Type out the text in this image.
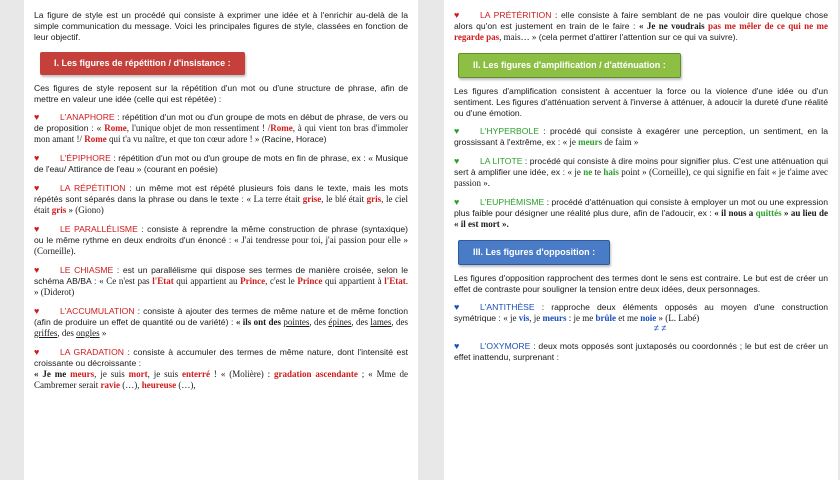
La figure de style est un procédé qui consiste à exprimer une idée et à l'enrichir au-delà de la simple communication du message. Voici les principales figures de style, classées en fonction de leur objectif.

I. Les figures de répétition / d'insistance :

Ces figures de style reposent sur la répétition d'un mot ou d'une structure de phrase, afin de mettre en valeur une idée (celle qui est répétée) :

♥ L'ANAPHORE : répétition d'un mot ou d'un groupe de mots en début de phrase, de vers ou de proposition : « Rome, l'unique objet de mon ressentiment ! /Rome, à qui vient ton bras d'immoler mon amant !/ Rome qui t'a vu naître, et que ton cœur adore ! » (Racine, Horace)
♥ L'ÉPIPHORE : répétition d'un mot ou d'un groupe de mots en fin de phrase, ex : « Musique de l'eau/ Attirance de l'eau » (courant en poésie)
♥ LA RÉPÉTITION : un même mot est répété plusieurs fois dans le texte, mais les mots répétés sont séparés dans la phrase ou dans le texte : « La terre était grise, le blé était gris, le ciel était gris » (Giono)
♥ LE PARALLÉLISME : consiste à reprendre la même construction de phrase (syntaxique) ou le même rythme en deux endroits d'un énoncé : « J'ai tendresse pour toi, j'ai passion pour elle » (Corneille).
♥ LE CHIASME : est un parallélisme qui dispose ses termes de manière croisée, selon le schéma AB/BA : « Ce n'est pas l'Etat qui appartient au Prince, c'est le Prince qui appartient à l'Etat. » (Diderot)
♥ L'ACCUMULATION : consiste à ajouter des termes de même nature et de même fonction (afin de produire un effet de quantité ou de variété) : « ils ont des pointes, des épines, des lames, des griffes, des ongles »
♥ LA GRADATION : consiste à accumuler des termes de même nature, dont l'intensité est croissante ou décroissante :
« Je me meurs, je suis mort, je suis enterré ! « (Molière) : gradation ascendante ; « Mme de Cambremer serait ravie (…), heureuse (…),
♥ LA PRÉTÉRITION : elle consiste à faire semblant de ne pas vouloir dire quelque chose alors qu'on est justement en train de le faire : « Je ne voudrais pas me mêler de ce qui ne me regarde pas, mais… » (cela permet d'attirer l'attention sur ce qui va suivre).
II. Les figures d'amplification / d'atténuation :

Les figures d'amplification consistent à accentuer la force ou la violence d'une idée ou d'un sentiment. Les figures d'atténuation servent à l'inverse à atténuer, à adoucir la dureté d'une réalité ou d'une émotion.

♥ L'HYPERBOLE : procédé qui consiste à exagérer une perception, un sentiment, en la grossissant à l'extrême, ex : « je meurs de faim »
♥ LA LITOTE : procédé qui consiste à dire moins pour signifier plus. C'est une atténuation qui sert à amplifier une idée, ex : « je ne te hais point » (Corneille), ce qui signifie en fait « je t'aime avec passion ».
♥ L'EUPHÉMISME : procédé d'atténuation qui consiste à employer un mot ou une expression plus faible pour désigner une réalité plus dure, afin de l'adoucir, ex : « il nous a quittés » au lieu de « il est mort ».
III. Les figures d'opposition :

Les figures d'opposition rapprochent des termes dont le sens est contraire. Le but est de créer un effet de contraste pour souligner la tension entre deux idées, deux personnages.

♥ L'ANTITHÈSE : rapproche deux éléments opposés au moyen d'une construction symétrique : « je vis, je meurs : je me brûle et me noie » (L. Labé)
≠ ≠
♥ L'OXYMORE : deux mots opposés sont juxtaposés ou coordonnés ; le but est de créer un effet inattendu, surprenant :
